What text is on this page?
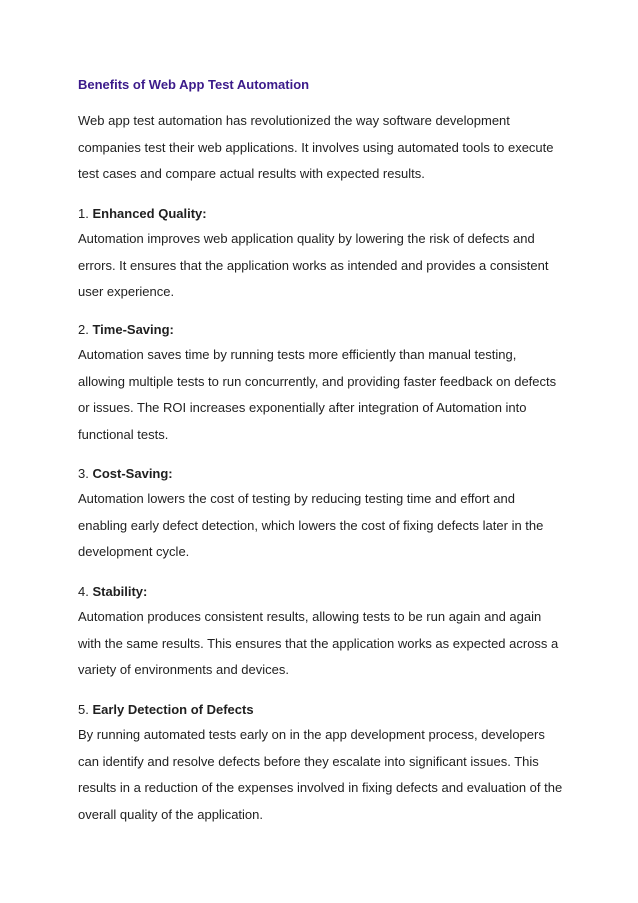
Benefits of Web App Test Automation
Web app test automation has revolutionized the way software development
companies test their web applications. It involves using automated tools to execute
test cases and compare actual results with expected results.
1. Enhanced Quality:
Automation improves web application quality by lowering the risk of defects and
errors. It ensures that the application works as intended and provides a consistent
user experience.
2. Time-Saving:
Automation saves time by running tests more efficiently than manual testing,
allowing multiple tests to run concurrently, and providing faster feedback on defects
or issues. The ROI increases exponentially after integration of Automation into
functional tests.
3. Cost-Saving:
Automation lowers the cost of testing by reducing testing time and effort and
enabling early defect detection, which lowers the cost of fixing defects later in the
development cycle.
4. Stability:
Automation produces consistent results, allowing tests to be run again and again
with the same results. This ensures that the application works as expected across a
variety of environments and devices.
5. Early Detection of Defects
By running automated tests early on in the app development process, developers
can identify and resolve defects before they escalate into significant issues. This
results in a reduction of the expenses involved in fixing defects and evaluation of the
overall quality of the application.
